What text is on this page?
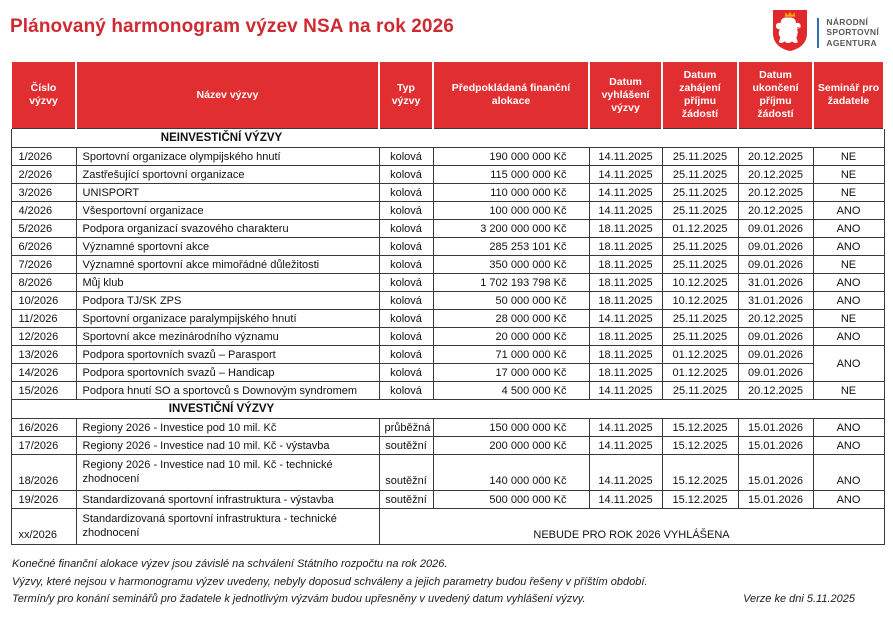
Plánovaný harmonogram výzev NSA na rok 2026	NÁRODNÍ
SPORTOVNÍ
AGENTURA
Číslo výzvy	Název výzvy	Typ výzvy	Předpokládaná finanční alokace	Datum vyhlášení výzvy	Datum zahájení příjmu žádostí	Datum ukončení příjmu žádostí	Seminář pro žadatele
NEINVESTIČNÍ VÝZVY							
1/2026	Sportovní organizace olympijského hnutí	kolová	190 000 000 Kč	14.11.2025	25.11.2025	20.12.2025	NE
2/2026	Zastřešující sportovní organizace	kolová	115 000 000 Kč	14.11.2025	25.11.2025	20.12.2025	NE
3/2026	UNISPORT	kolová	110 000 000 Kč	14.11.2025	25.11.2025	20.12.2025	NE
4/2026	Všesportovní organizace	kolová	100 000 000 Kč	14.11.2025	25.11.2025	20.12.2025	ANO
5/2026	Podpora organizací svazového charakteru	kolová	3 200 000 000 Kč	18.11.2025	01.12.2025	09.01.2026	ANO
6/2026	Významné sportovní akce	kolová	285 253 101 Kč	18.11.2025	25.11.2025	09.01.2026	ANO
7/2026	Významné sportovní akce mimořádné důležitosti	kolová	350 000 000 Kč	18.11.2025	25.11.2025	09.01.2026	NE
8/2026	Můj klub	kolová	1 702 193 798 Kč	18.11.2025	10.12.2025	31.01.2026	ANO
10/2026	Podpora TJ/SK ZPS	kolová	50 000 000 Kč	18.11.2025	10.12.2025	31.01.2026	ANO
11/2026	Sportovní organizace paralympijského hnutí	kolová	28 000 000 Kč	14.11.2025	25.11.2025	20.12.2025	NE
12/2026	Sportovní akce mezinárodního významu	kolová	20 000 000 Kč	18.11.2025	25.11.2025	09.01.2026	ANO
13/2026	Podpora sportovních svazů – Parasport	kolová	71 000 000 Kč	18.11.2025	01.12.2025	09.01.2026	ANO
14/2026	Podpora sportovních svazů – Handicap	kolová	17 000 000 Kč	18.11.2025	01.12.2025	09.01.2026	
15/2026	Podpora hnutí SO a sportovců s Downovým syndromem	kolová	4 500 000 Kč	14.11.2025	25.11.2025	20.12.2025	NE
INVESTIČNÍ VÝZVY							
16/2026	Regiony 2026 - Investice pod 10 mil. Kč	průběžná	150 000 000 Kč	14.11.2025	15.12.2025	15.01.2026	ANO
17/2026	Regiony 2026 - Investice nad 10 mil. Kč - výstavba	soutěžní	200 000 000 Kč	14.11.2025	15.12.2025	15.01.2026	ANO
18/2026	Regiony 2026 - Investice nad 10 mil. Kč - technické zhodnocení	soutěžní	140 000 000 Kč	14.11.2025	15.12.2025	15.01.2026	ANO
19/2026	Standardizovaná sportovní infrastruktura - výstavba	soutěžní	500 000 000 Kč	14.11.2025	15.12.2025	15.01.2026	ANO
xx/2026	Standardizovaná sportovní infrastruktura - technické zhodnocení	NEBUDE PRO ROK 2026 VYHLÁŠENA					
Konečné finanční alokace výzev jsou závislé na schválení Státního rozpočtu na rok 2026.
Výzvy, které nejsou v harmonogramu výzev uvedeny, nebyly doposud schváleny a jejich parametry budou řešeny v příštím období.
Termín/y pro konání seminářů pro žadatele k jednotlivým výzvám budou upřesněny v uvedený datum vyhlášení výzvy.	Verze ke dni 5.11.2025
